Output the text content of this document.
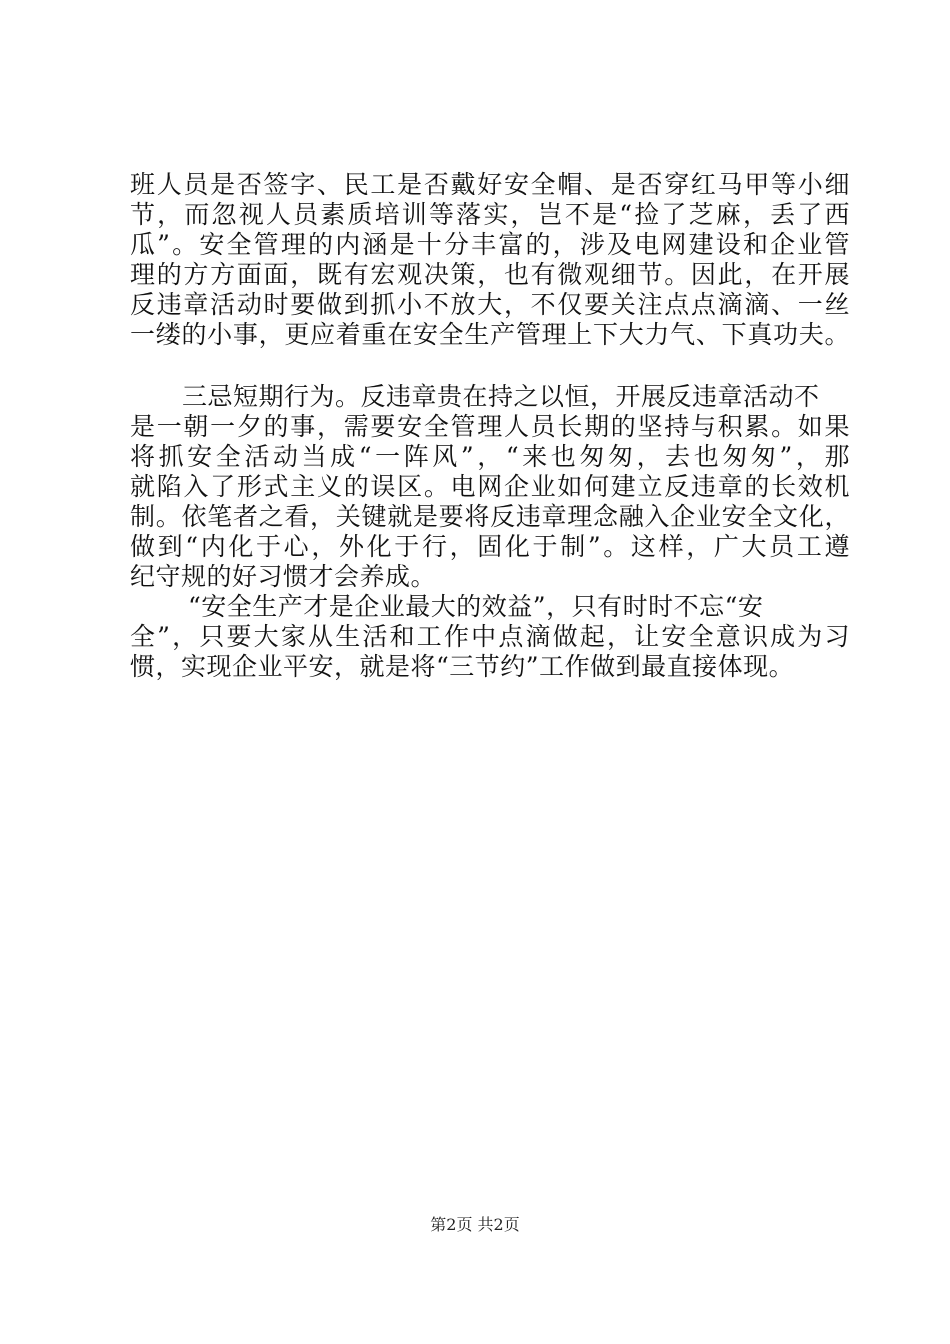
班人员是否签字、民工是否戴好安全帽、是否穿红马甲等小细
节，而忽视人员素质培训等落实，岂不是“捡了芝麻，丢了西
瓜”。安全管理的内涵是十分丰富的，涉及电网建设和企业管
理的方方面面，既有宏观决策，也有微观细节。因此，在开展
反违章活动时要做到抓小不放大，不仅要关注点点滴滴、一丝
一缕的小事，更应着重在安全生产管理上下大力气、下真功夫。
三忌短期行为。反违章贵在持之以恒，开展反违章活动不
是一朝一夕的事，需要安全管理人员长期的坚持与积累。如果
将抓安全活动当成“一阵风”，“来也匆匆，去也匆匆”，那
就陷入了形式主义的误区。电网企业如何建立反违章的长效机
制。依笔者之看，关键就是要将反违章理念融入企业安全文化，
做到“内化于心，外化于行，固化于制”。这样，广大员工遵
纪守规的好习惯才会养成。
“安全生产才是企业最大的效益”，只有时时不忘“安
全”，只要大家从生活和工作中点滴做起，让安全意识成为习
惯，实现企业平安，就是将“三节约”工作做到最直接体现。
第2页 共2页
